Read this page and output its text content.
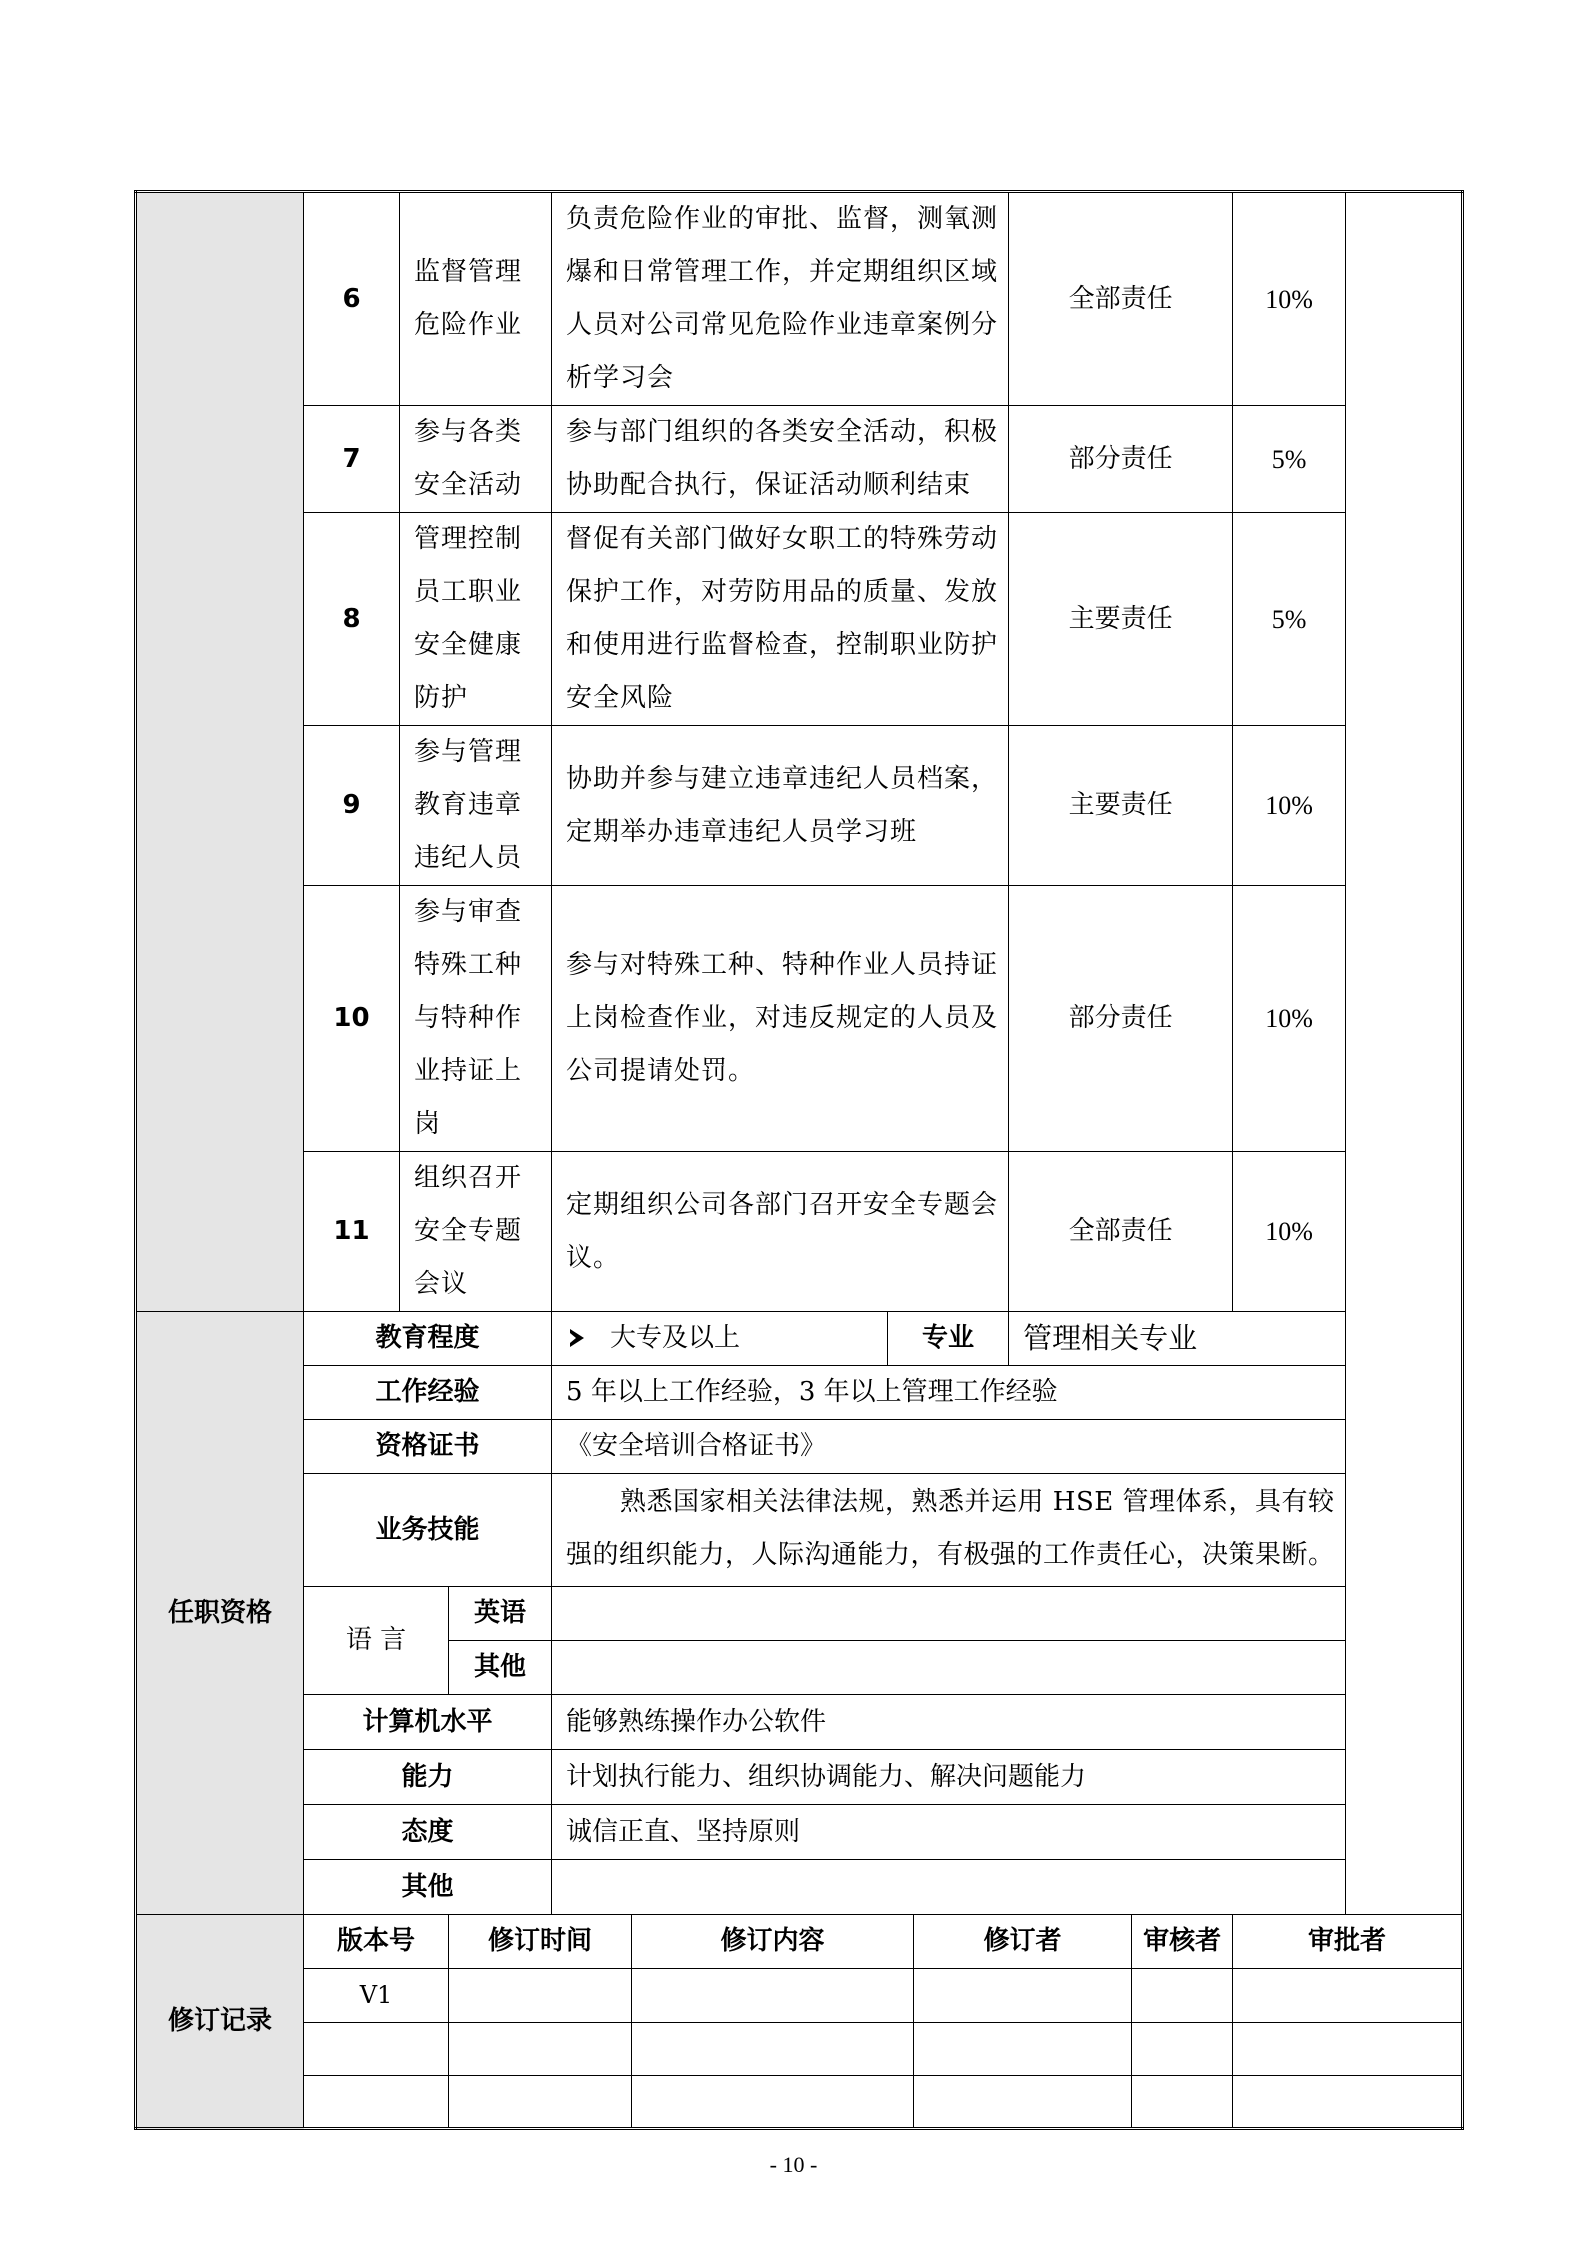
	6	监督管理危险作业		负责危险作业的审批、监督，测氧测爆和日常管理工作，并定期组织区域人员对公司常见危险作业违章案例分析学习会				全部责任		10%
	7	参与各类安全活动		参与部门组织的各类安全活动，积极协助配合执行，保证活动顺利结束				部分责任		5%
	8	管理控制员工职业安全健康防护		督促有关部门做好女职工的特殊劳动保护工作，对劳防用品的质量、发放和使用进行监督检查，控制职业防护安全风险				主要责任		5%
	9	参与管理教育违章违纪人员		协助并参与建立违章违纪人员档案，定期举办违章违纪人员学习班				主要责任		10%
	10	参与审查特殊工种与特种作业持证上岗		参与对特殊工种、特种作业人员持证上岗检查作业，对违反规定的人员及公司提请处罚。				部分责任		10%
	11	组织召开安全专题会议		定期组织公司各部门召开安全专题会议。				全部责任		10%
任职资格	教育程度			大专及以上		专业		管理相关专业		
	工作经验			5 年以上工作经验，3 年以上管理工作经验						
	资格证书			《安全培训合格证书》						
	业务技能			熟悉国家相关法律法规，熟悉并运用 HSE 管理体系，具有较强的组织能力，人际沟通能力，有极强的工作责任心，决策果断。						
	语 言		英语							
			其他							
	计算机水平			能够熟练操作办公软件						
	能力			计划执行能力、组织协调能力、解决问题能力						
	态度			诚信正直、坚持原则						
	其他									
修订记录	版本号		修订时间		修订内容		修订者		审核者	审批者
	V1									

- 10 -
